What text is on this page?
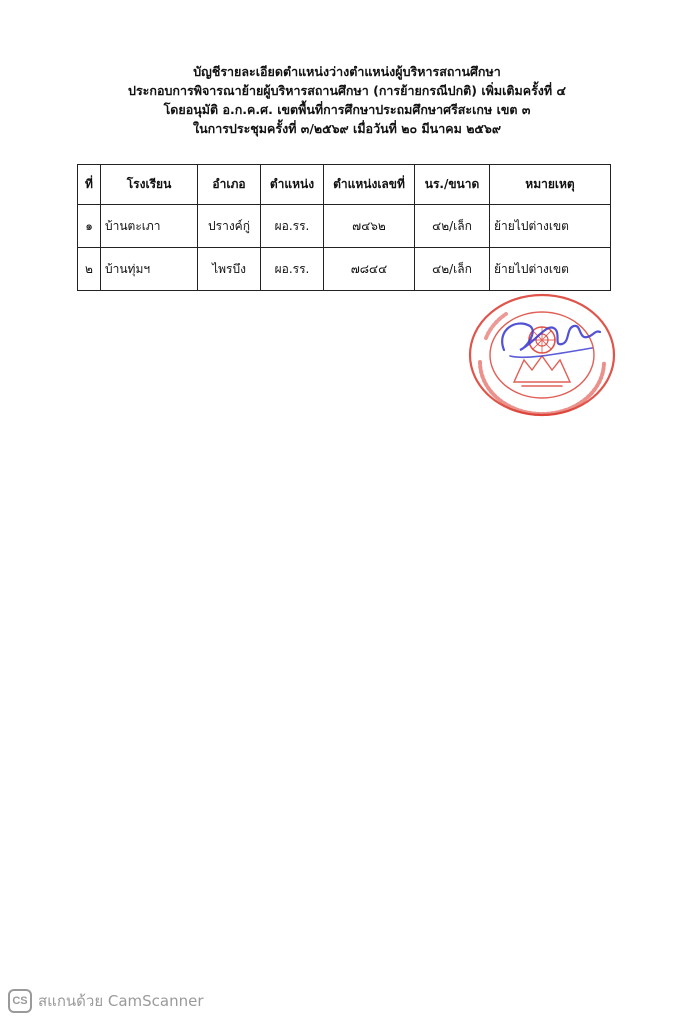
บัญชีรายละเอียดตำแหน่งว่างตำแหน่งผู้บริหารสถานศึกษา
ประกอบการพิจารณาย้ายผู้บริหารสถานศึกษา (การย้ายกรณีปกติ) เพิ่มเติมครั้งที่ ๔
โดยอนุมัติ อ.ก.ค.ศ. เขตพื้นที่การศึกษาประถมศึกษาศรีสะเกษ เขต ๓
ในการประชุมครั้งที่ ๓/๒๕๖๙ เมื่อวันที่ ๒๐ มีนาคม ๒๕๖๙
ที่	โรงเรียน	อำเภอ	ตำแหน่ง	ตำแหน่งเลขที่	นร./ขนาด	หมายเหตุ
๑	บ้านตะเภา	ปรางค์กู่	ผอ.รร.	๗๔๖๒	๔๒/เล็ก	ย้ายไปต่างเขต
๒	บ้านทุ่มฯ	ไพรบึง	ผอ.รร.	๗๘๔๔	๔๒/เล็ก	ย้ายไปต่างเขต
CS สแกนด้วย CamScanner
